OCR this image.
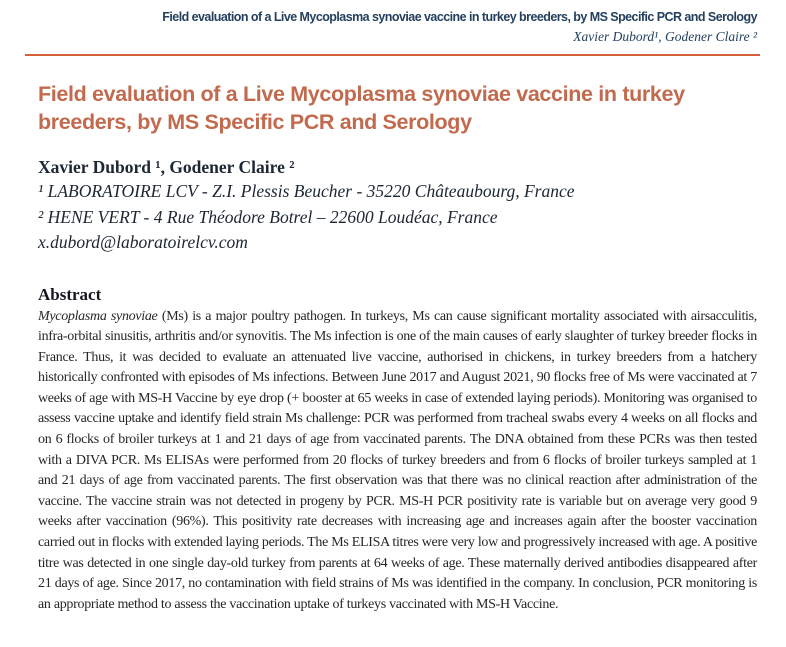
Field evaluation of a Live Mycoplasma synoviae vaccine in turkey breeders, by MS Specific PCR and Serology
Xavier Dubord¹, Godener Claire ²
Field evaluation of a Live Mycoplasma synoviae vaccine in turkey
breeders, by MS Specific PCR and Serology
Xavier Dubord ¹, Godener Claire ²
¹ LABORATOIRE LCV - Z.I. Plessis Beucher - 35220 Châteaubourg, France
² HENE VERT - 4 Rue Théodore Botrel – 22600 Loudéac, France
x.dubord@laboratoirelcv.com
Abstract

Mycoplasma synoviae (Ms) is a major poultry pathogen. In turkeys, Ms can cause significant mortality associated with airsacculitis, infra-orbital sinusitis, arthritis and/or synovitis. The Ms infection is one of the main causes of early slaughter of turkey breeder flocks in France. Thus, it was decided to evaluate an attenuated live vaccine, authorised in chickens, in turkey breeders from a hatchery historically confronted with episodes of Ms infections. Between June 2017 and August 2021, 90 flocks free of Ms were vaccinated at 7 weeks of age with MS-H Vaccine by eye drop (+ booster at 65 weeks in case of extended laying periods). Monitoring was organised to assess vaccine uptake and identify field strain Ms challenge: PCR was performed from tracheal swabs every 4 weeks on all flocks and on 6 flocks of broiler turkeys at 1 and 21 days of age from vaccinated parents. The DNA obtained from these PCRs was then tested with a DIVA PCR. Ms ELISAs were performed from 20 flocks of turkey breeders and from 6 flocks of broiler turkeys sampled at 1 and 21 days of age from vaccinated parents. The first observation was that there was no clinical reaction after administration of the vaccine. The vaccine strain was not detected in progeny by PCR. MS-H PCR positivity rate is variable but on average very good 9 weeks after vaccination (96%). This positivity rate decreases with increasing age and increases again after the booster vaccination carried out in flocks with extended laying periods. The Ms ELISA titres were very low and progressively increased with age. A positive titre was detected in one single day-old turkey from parents at 64 weeks of age. These maternally derived antibodies disappeared after 21 days of age. Since 2017, no contamination with field strains of Ms was identified in the company. In conclusion, PCR monitoring is an appropriate method to assess the vaccination uptake of turkeys vaccinated with MS-H Vaccine.
